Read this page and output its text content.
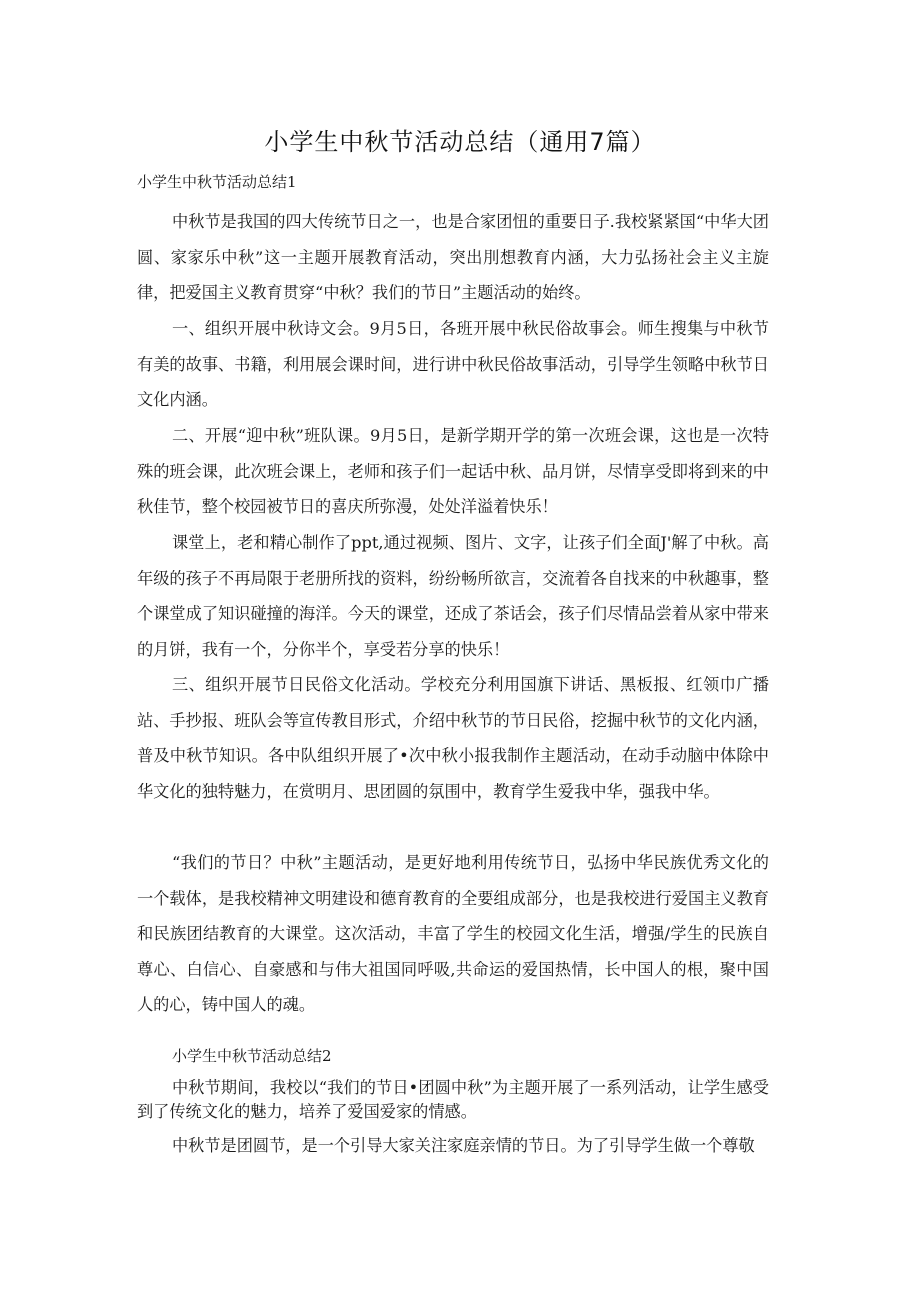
小学生中秋节活动总结（通用7篇）

小学生中秋节活动总结1

中秋节是我国的四大传统节日之一，也是合家团忸的重要日子.我校紧紧国“中华大团圆、家家乐中秋”这一主题开展教育活动，突出刖想教育内涵，大力弘扬社会主义主旋律，把爱国主义教育贯穿“中秋？我们的节日”主题活动的始终。

一、组织开展中秋诗文会。9月5日，各班开展中秋民俗故事会。师生搜集与中秋节有美的故事、书籍，利用展会课时间，进行讲中秋民俗故事活动，引导学生领略中秋节日文化内涵。

二、开展“迎中秋”班队课。9月5日，是新学期开学的第一次班会课，这也是一次特殊的班会课，此次班会课上，老师和孩子们一起话中秋、品月饼，尽情享受即将到来的中秋佳节，整个校园被节日的喜庆所弥漫，处处洋溢着快乐！

课堂上，老和精心制作了ppt,通过视频、图片、文字，让孩子们全面J'解了中秋。高年级的孩子不再局限于老册所找的资料，纷纷畅所欲言，交流着各自找来的中秋趣事，整个课堂成了知识碰撞的海洋。今天的课堂，还成了茶话会，孩子们尽情品尝着从家中带来的月饼，我有一个，分你半个，享受若分享的快乐！

三、组织开展节日民俗文化活动。学校充分利用国旗下讲话、黑板报、红领巾广播站、手抄报、班队会等宣传教目形式，介绍中秋节的节日民俗，挖掘中秋节的文化内涵，普及中秋节知识。各中队组织开展了•次中秋小报我制作主题活动，在动手动脑中体除中华文化的独特魅力，在赏明月、思团圆的氛围中，教育学生爱我中华，强我中华。

“我们的节日？中秋”主题活动，是更好地利用传统节日，弘扬中华民族优秀文化的一个载体，是我校精神文明建设和德育教育的全要组成部分，也是我校进行爱国主义教育和民族团结教育的大课堂。这次活动，丰富了学生的校园文化生活，增强/学生的民族自尊心、白信心、自豪感和与伟大祖国同呼吸,共命运的爱国热情，长中国人的根，聚中国人的心，铸中国人的魂。

小学生中秋节活动总结2

中秋节期间，我校以“我们的节日•团圆中秋”为主题开展了一系列活动，让学生感受到了传统文化的魅力，培养了爱国爱家的情感。

中秋节是团圆节，是一个引导大家关注家庭亲情的节日。为了引导学生做一个尊敬
